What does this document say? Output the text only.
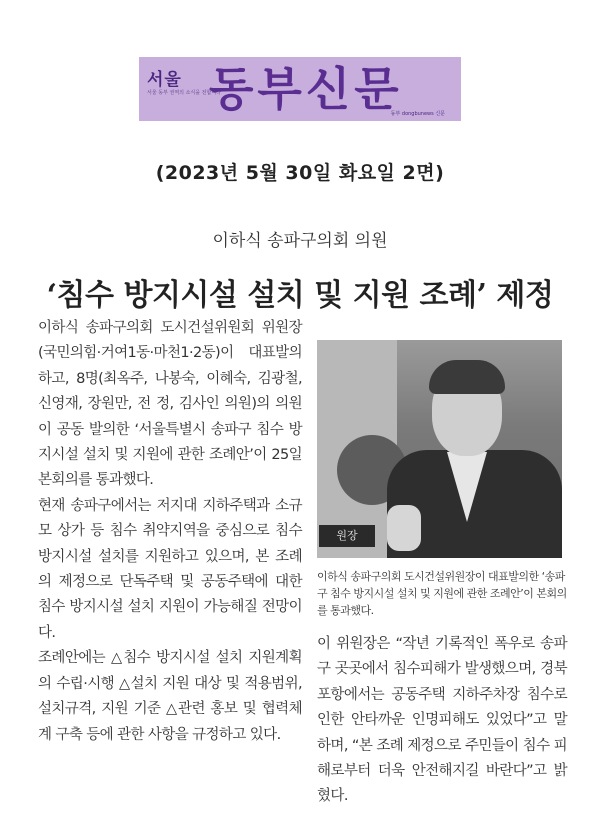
서울
서울 동부 권역의 소식을 전합니다
동부신문
동부 dongbunews 신문
(2023년 5월 30일 화요일 2면)
이하식 송파구의회 의원
‘침수 방지시설 설치 및 지원 조례’ 제정

이하식 송파구의회 도시건설위원회 위원장(국민의힘·거여1동·마천1·2동)이 대표발의하고, 8명(최옥주, 나봉숙, 이혜숙, 김광철, 신영재, 장원만, 전 정, 김사인 의원)의 의원이 공동 발의한 ‘서울특별시 송파구 침수 방지시설 설치 및 지원에 관한 조례안’이 25일 본회의를 통과했다.

현재 송파구에서는 저지대 지하주택과 소규모 상가 등 침수 취약지역을 중심으로 침수 방지시설 설치를 지원하고 있으며, 본 조례의 제정으로 단독주택 및 공동주택에 대한 침수 방지시설 설치 지원이 가능해질 전망이다.

조례안에는 △침수 방지시설 설치 지원계획의 수립·시행 △설치 지원 대상 및 적용범위, 설치규격, 지원 기준 △관련 홍보 및 협력체계 구축 등에 관한 사항을 규정하고 있다.

원장

이하식 송파구의회 도시건설위원장이 대표발의한 ‘송파구 침수 방지시설 설치 및 지원에 관한 조례안’이 본회의를 통과했다.

이 위원장은 “작년 기록적인 폭우로 송파구 곳곳에서 침수피해가 발생했으며, 경북 포항에서는 공동주택 지하주차장 침수로 인한 안타까운 인명피해도 있었다”고 말하며, “본 조례 제정으로 주민들이 침수 피해로부터 더욱 안전해지길 바란다”고 밝혔다.
